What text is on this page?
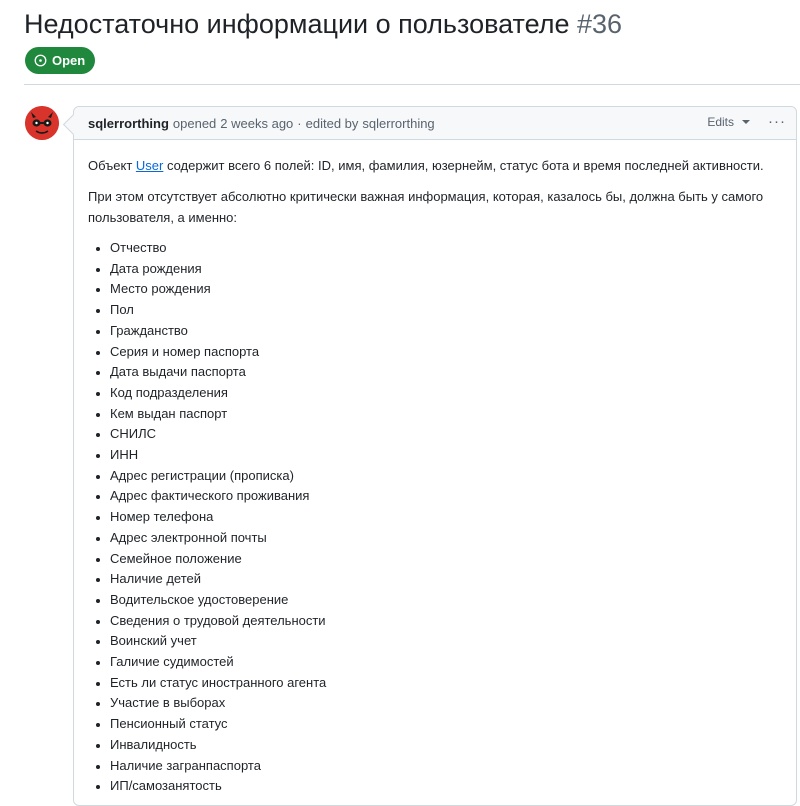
Недостаточно информации о пользователе #36
Open
sqlerrorthing opened 2 weeks ago · edited by sqlerrorthing	Edits ···

Объект User содержит всего 6 полей: ID, имя, фамилия, юзернейм, статус бота и время последней активности.

При этом отсутствует абсолютно критически важная информация, которая, казалось бы, должна быть у самого пользователя, а именно:

• Отчество
• Дата рождения
• Место рождения
• Пол
• Гражданство
• Серия и номер паспорта
• Дата выдачи паспорта
• Код подразделения
• Кем выдан паспорт
• СНИЛС
• ИНН
• Адрес регистрации (прописка)
• Адрес фактического проживания
• Номер телефона
• Адрес электронной почты
• Семейное положение
• Наличие детей
• Водительское удостоверение
• Сведения о трудовой деятельности
• Воинский учет
• Галичие судимостей
• Есть ли статус иностранного агента
• Участие в выборах
• Пенсионный статус
• Инвалидность
• Наличие загранпаспорта
• ИП/самозанятость
